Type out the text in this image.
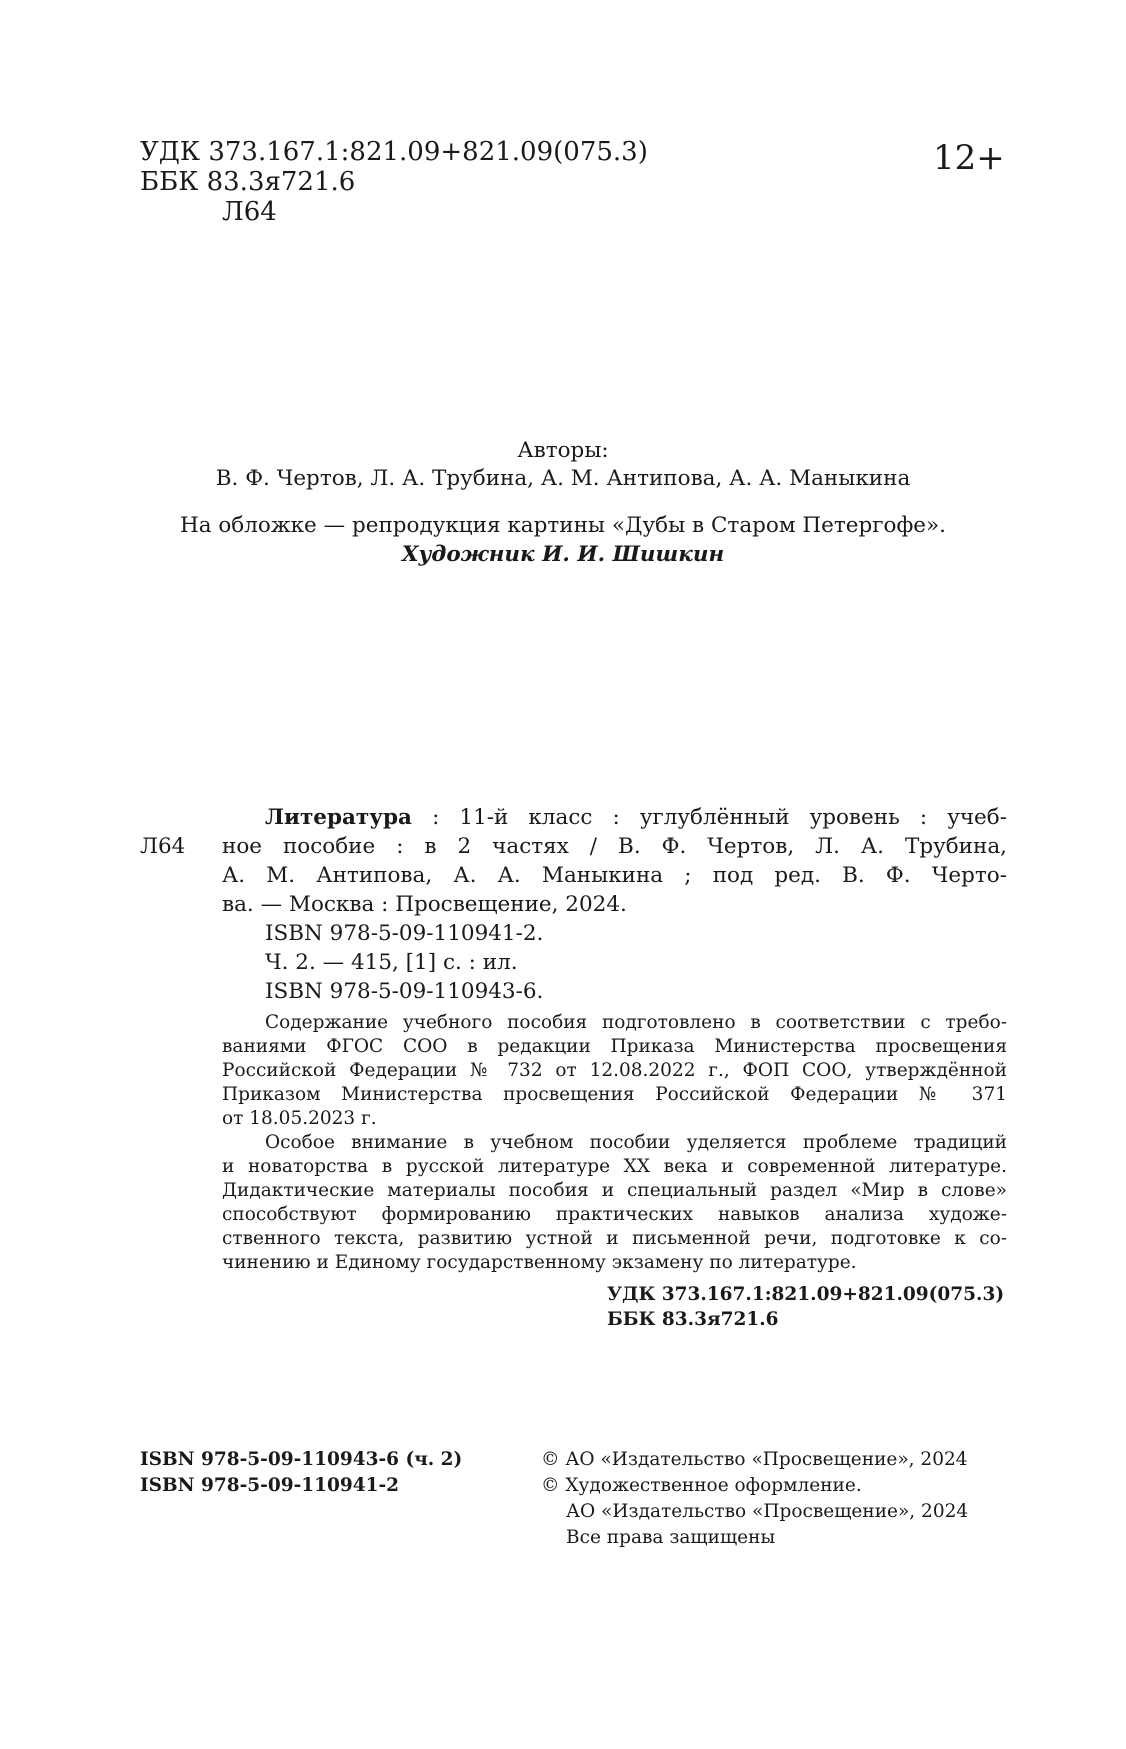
УДК 373.167.1:821.09+821.09(075.3)
ББК 83.3я721.6
Л64
12+
Авторы:
В. Ф. Чертов, Л. А. Трубина, А. М. Антипова, А. А. Маныкина
На обложке — репродукция картины «Дубы в Старом Петергофе».
Художник И. И. Шишкин
Л64
Литература : 11-й класс : углублённый уровень : учеб-
ное пособие : в 2 частях / В. Ф. Чертов, Л. А. Трубина,
А. М. Антипова, А. А. Маныкина ; под ред. В. Ф. Черто-
ва. — Москва : Просвещение, 2024.
ISBN 978-5-09-110941-2.
Ч. 2. — 415, [1] с. : ил.
ISBN 978-5-09-110943-6.
Содержание учебного пособия подготовлено в соответствии с требо-
ваниями ФГОС СОО в редакции Приказа Министерства просвещения
Российской Федерации № 732 от 12.08.2022 г., ФОП СОО, утверждённой
Приказом Министерства просвещения Российской Федерации № 371
от 18.05.2023 г.
Особое внимание в учебном пособии уделяется проблеме традиций
и новаторства в русской литературе XX века и современной литературе.
Дидактические материалы пособия и специальный раздел «Мир в слове»
способствуют формированию практических навыков анализа художе-
ственного текста, развитию устной и письменной речи, подготовке к со-
чинению и Единому государственному экзамену по литературе.
УДК 373.167.1:821.09+821.09(075.3)
ББК 83.3я721.6
ISBN 978-5-09-110943-6 (ч. 2)
ISBN 978-5-09-110941-2
© АО «Издательство «Просвещение», 2024
© Художественное оформление.
АО «Издательство «Просвещение», 2024
Все права защищены
